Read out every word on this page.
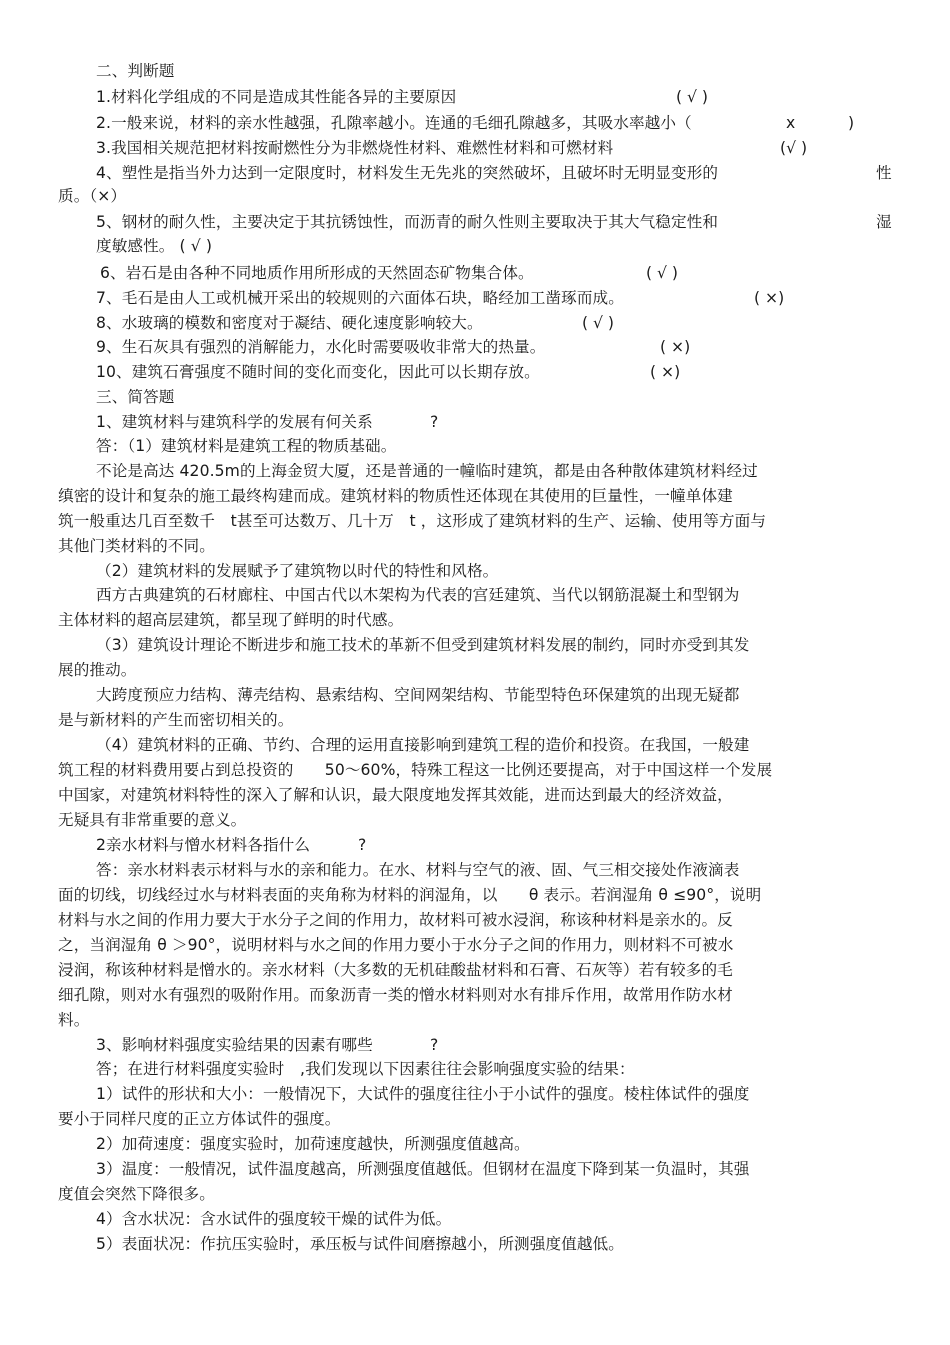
二、判断题
1.材料化学组成的不同是造成其性能各异的主要原因	( √ )
2.一般来说，材料的亲水性越强，孔隙率越小。连通的毛细孔隙越多，其吸水率越小（	x	)
3.我国相关规范把材料按耐燃性分为非燃烧性材料、难燃性材料和可燃材料	(√ )
4、塑性是指当外力达到一定限度时，材料发生无先兆的突然破坏，且破坏时无明显变形的	性
质。（×）
5、钢材的耐久性，主要决定于其抗锈蚀性，而沥青的耐久性则主要取决于其大气稳定性和	湿
度敏感性。 ( √ )
6、岩石是由各种不同地质作用所形成的天然固态矿物集合体。	( √ )
7、毛石是由人工或机械开采出的较规则的六面体石块，略经加工凿琢而成。	( ×)
8、水玻璃的模数和密度对于凝结、硬化速度影响较大。	( √ )
9、生石灰具有强烈的消解能力，水化时需要吸收非常大的热量。	( ×)
10、建筑石膏强度不随时间的变化而变化，因此可以长期存放。	( ×)
三、简答题
1、建筑材料与建筑科学的发展有何关系	?
答：（1）建筑材料是建筑工程的物质基础。
不论是高达 420.5m的上海金贸大厦，还是普通的一幢临时建筑，都是由各种散体建筑材料经过
缜密的设计和复杂的施工最终构建而成。建筑材料的物质性还体现在其使用的巨量性，一幢单体建
筑一般重达几百至数千　t甚至可达数万、几十万　t ，这形成了建筑材料的生产、运输、使用等方面与
其他门类材料的不同。
（2）建筑材料的发展赋予了建筑物以时代的特性和风格。
西方古典建筑的石材廊柱、中国古代以木架构为代表的宫廷建筑、当代以钢筋混凝土和型钢为
主体材料的超高层建筑，都呈现了鲜明的时代感。
（3）建筑设计理论不断进步和施工技术的革新不但受到建筑材料发展的制约，同时亦受到其发
展的推动。
大跨度预应力结构、薄壳结构、悬索结构、空间网架结构、节能型特色环保建筑的出现无疑都
是与新材料的产生而密切相关的。
（4）建筑材料的正确、节约、合理的运用直接影响到建筑工程的造价和投资。在我国，一般建
筑工程的材料费用要占到总投资的　　50～60%，特殊工程这一比例还要提高，对于中国这样一个发展
中国家，对建筑材料特性的深入了解和认识，最大限度地发挥其效能，进而达到最大的经济效益，
无疑具有非常重要的意义。
2亲水材料与憎水材料各指什么	?
答：亲水材料表示材料与水的亲和能力。在水、材料与空气的液、固、气三相交接处作液滴表
面的切线，切线经过水与材料表面的夹角称为材料的润湿角，以　　θ 表示。若润湿角 θ ≤90°，说明
材料与水之间的作用力要大于水分子之间的作用力，故材料可被水浸润，称该种材料是亲水的。反
之，当润湿角 θ ＞90°，说明材料与水之间的作用力要小于水分子之间的作用力，则材料不可被水
浸润，称该种材料是憎水的。亲水材料（大多数的无机硅酸盐材料和石膏、石灰等）若有较多的毛
细孔隙，则对水有强烈的吸附作用。而象沥青一类的憎水材料则对水有排斥作用，故常用作防水材
料。
3、影响材料强度实验结果的因素有哪些	?
答；在进行材料强度实验时　,我们发现以下因素往往会影响强度实验的结果：
1）试件的形状和大小：一般情况下，大试件的强度往往小于小试件的强度。棱柱体试件的强度
要小于同样尺度的正立方体试件的强度。
2）加荷速度：强度实验时，加荷速度越快，所测强度值越高。
3）温度：一般情况，试件温度越高，所测强度值越低。但钢材在温度下降到某一负温时，其强
度值会突然下降很多。
4）含水状况：含水试件的强度较干燥的试件为低。
5）表面状况：作抗压实验时，承压板与试件间磨擦越小，所测强度值越低。
